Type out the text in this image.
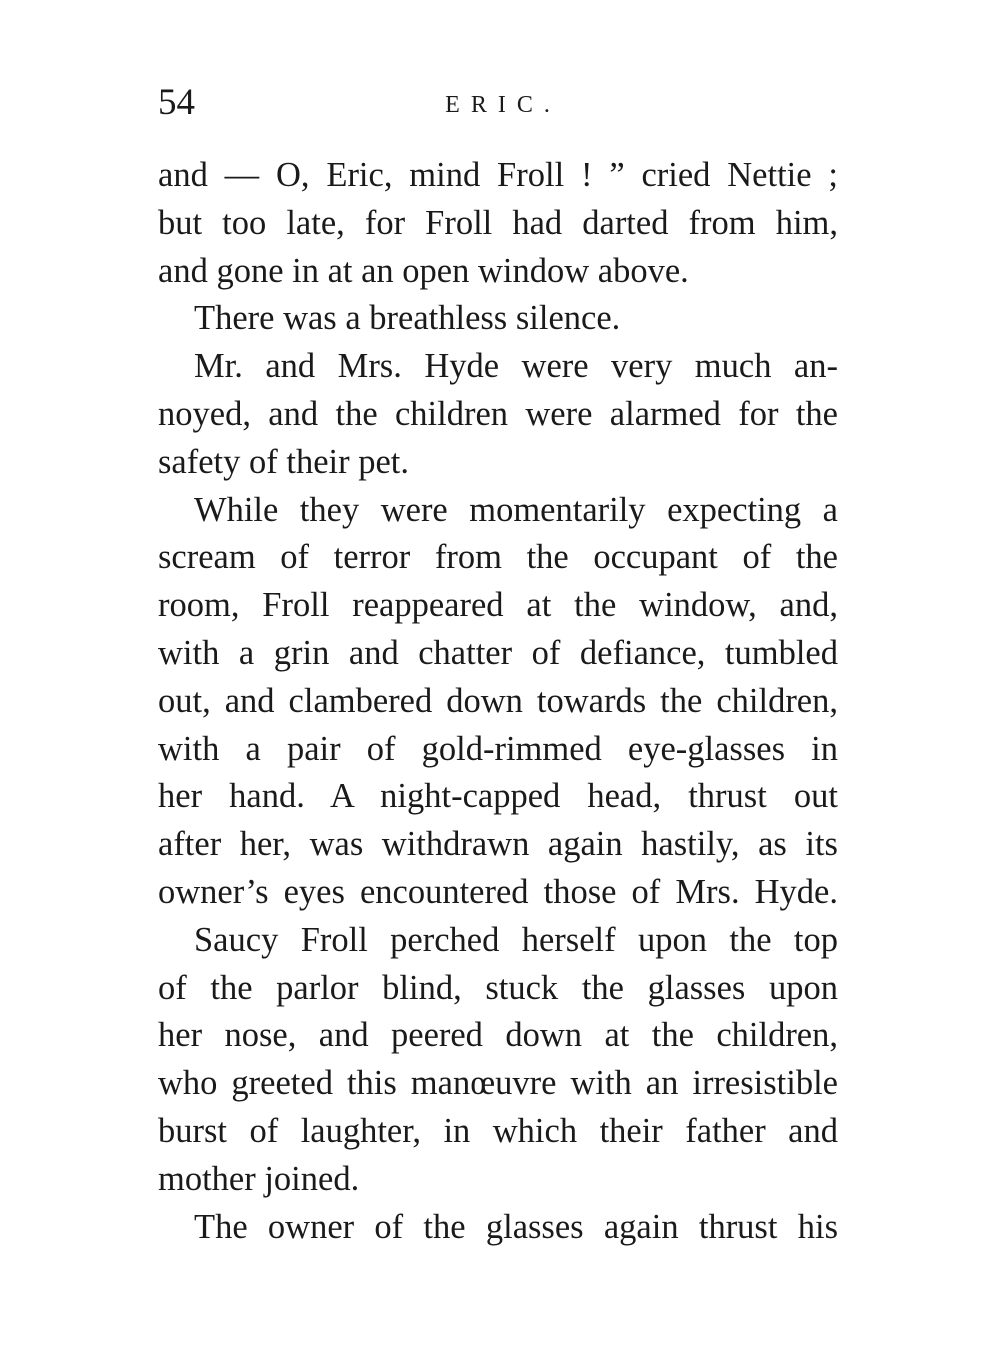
54	ERIC.
and — O, Eric, mind Froll ! ” cried Nettie ;
but too late, for Froll had darted from him,
and gone in at an open window above.
There was a breathless silence.
Mr. and Mrs. Hyde were very much an-
noyed, and the children were alarmed for the
safety of their pet.
While they were momentarily expecting a
scream of terror from the occupant of the
room, Froll reappeared at the window, and,
with a grin and chatter of defiance, tumbled
out, and clambered down towards the children,
with a pair of gold-rimmed eye-glasses in
her hand. A night-capped head, thrust out
after her, was withdrawn again hastily, as its
owner’s eyes encountered those of Mrs. Hyde.
Saucy Froll perched herself upon the top
of the parlor blind, stuck the glasses upon
her nose, and peered down at the children,
who greeted this manœuvre with an irresistible
burst of laughter, in which their father and
mother joined.
The owner of the glasses again thrust his
